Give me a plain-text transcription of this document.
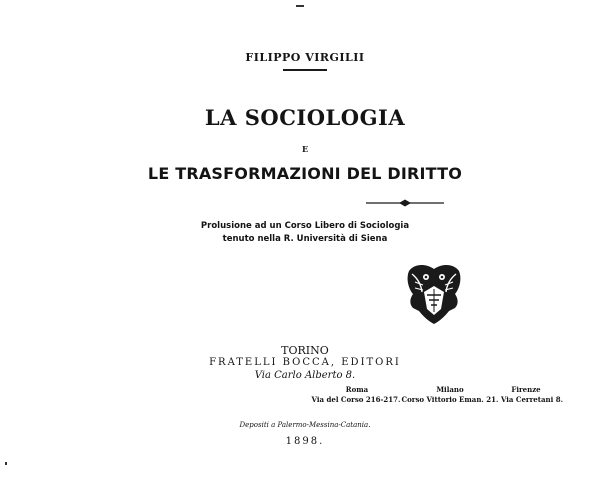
FILIPPO VIRGILII
LA SOCIOLOGIA
E
LE TRASFORMAZIONI DEL DIRITTO
Prolusione ad un Corso Libero di Sociologia
tenuto nella R. Università di Siena
TORINO
FRATELLI BOCCA, EDITORI
Via Carlo Alberto 8.
Roma
Via del Corso 216-217.
Milano
Corso Vittorio Eman. 21.
Firenze
Via Cerretani 8.
Depositi a Palermo-Messina-Catania.
1898.
